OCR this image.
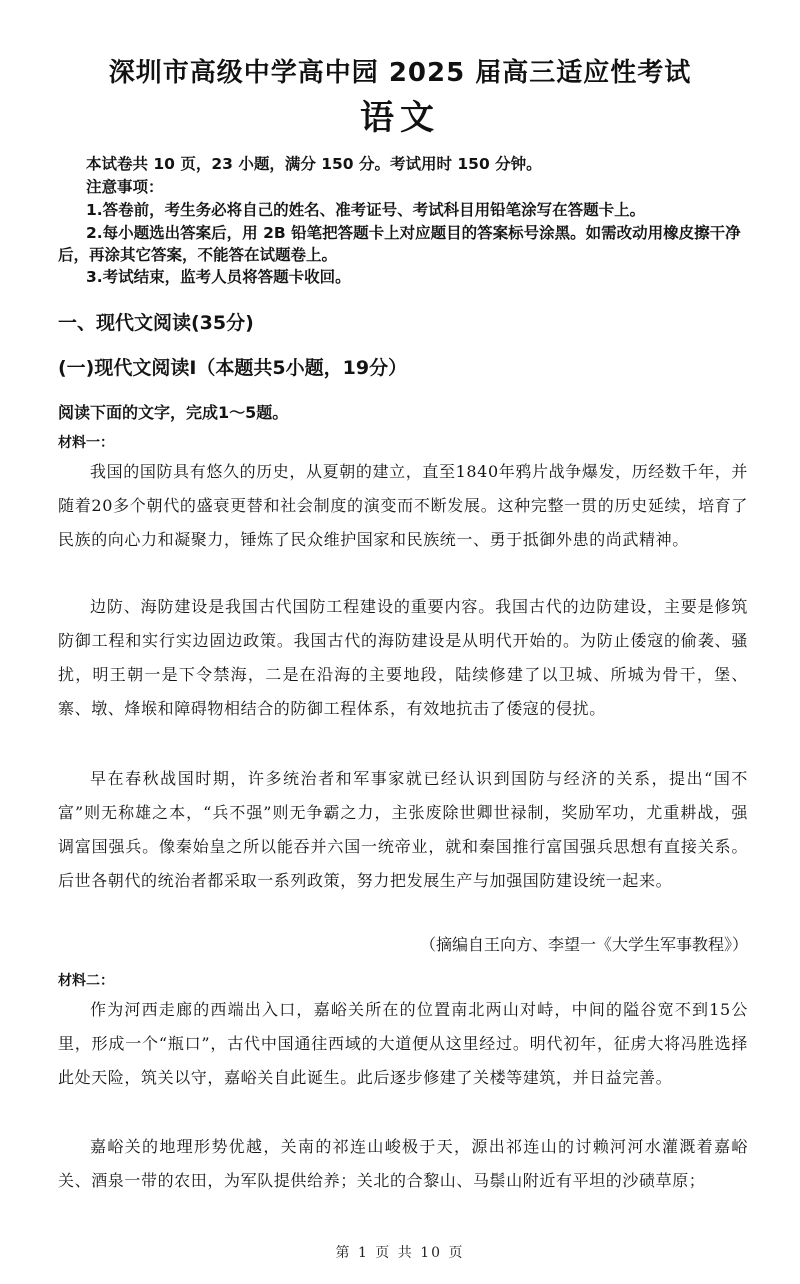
深圳市高级中学高中园 2025 届高三适应性考试
语文
本试卷共 10 页，23 小题，满分 150 分。考试用时 150 分钟。
注意事项：
1.答卷前，考生务必将自己的姓名、准考证号、考试科目用铅笔涂写在答题卡上。
2.每小题选出答案后，用 2B 铅笔把答题卡上对应题目的答案标号涂黑。如需改动用橡皮擦干净后，再涂其它答案，不能答在试题卷上。
3.考试结束，监考人员将答题卡收回。
一、现代文阅读(35分)
(一)现代文阅读Ⅰ（本题共5小题，19分）
阅读下面的文字，完成1～5题。
材料一：
我国的国防具有悠久的历史，从夏朝的建立，直至1840年鸦片战争爆发，历经数千年，并随着20多个朝代的盛衰更替和社会制度的演变而不断发展。这种完整一贯的历史延续，培育了民族的向心力和凝聚力，锤炼了民众维护国家和民族统一、勇于抵御外患的尚武精神。
边防、海防建设是我国古代国防工程建设的重要内容。我国古代的边防建设，主要是修筑防御工程和实行实边固边政策。我国古代的海防建设是从明代开始的。为防止倭寇的偷袭、骚扰，明王朝一是下令禁海，二是在沿海的主要地段，陆续修建了以卫城、所城为骨干，堡、寨、墩、烽堠和障碍物相结合的防御工程体系，有效地抗击了倭寇的侵扰。
早在春秋战国时期，许多统治者和军事家就已经认识到国防与经济的关系，提出“国不富”则无称雄之本，“兵不强”则无争霸之力，主张废除世卿世禄制，奖励军功，尤重耕战，强调富国强兵。像秦始皇之所以能吞并六国一统帝业，就和秦国推行富国强兵思想有直接关系。后世各朝代的统治者都采取一系列政策，努力把发展生产与加强国防建设统一起来。
（摘编自王向方、李望一《大学生军事教程》）
材料二：
作为河西走廊的西端出入口，嘉峪关所在的位置南北两山对峙，中间的隘谷宽不到15公里，形成一个“瓶口”，古代中国通往西域的大道便从这里经过。明代初年，征虏大将冯胜选择此处天险，筑关以守，嘉峪关自此诞生。此后逐步修建了关楼等建筑，并日益完善。
嘉峪关的地理形势优越，关南的祁连山峻极于天，源出祁连山的讨赖河河水灌溉着嘉峪关、酒泉一带的农田，为军队提供给养；关北的合黎山、马鬃山附近有平坦的沙碛草原；
第 1 页 共 10 页
